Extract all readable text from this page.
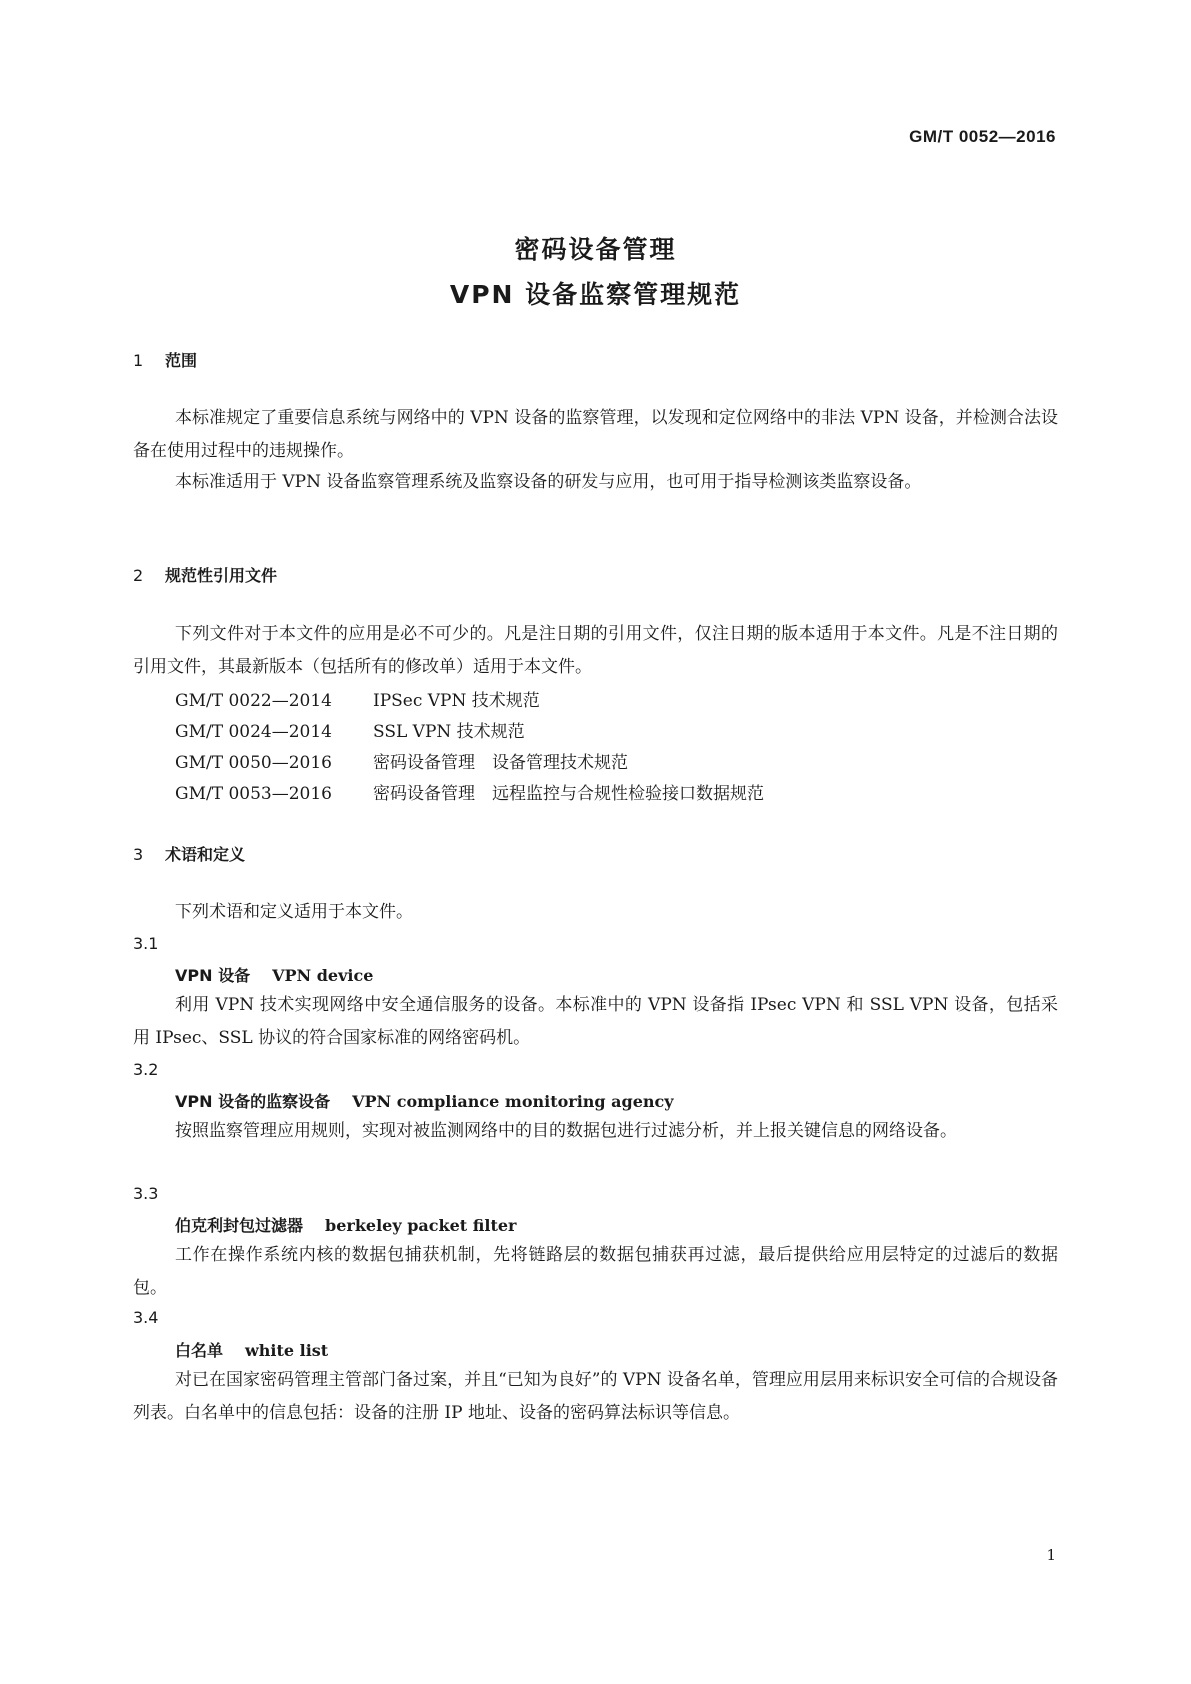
GM/T 0052—2016
密码设备管理
VPN 设备监察管理规范
1 范围
本标准规定了重要信息系统与网络中的 VPN 设备的监察管理，以发现和定位网络中的非法 VPN 设备，并检测合法设备在使用过程中的违规操作。
本标准适用于 VPN 设备监察管理系统及监察设备的研发与应用，也可用于指导检测该类监察设备。
2 规范性引用文件
下列文件对于本文件的应用是必不可少的。凡是注日期的引用文件，仅注日期的版本适用于本文件。凡是不注日期的引用文件，其最新版本（包括所有的修改单）适用于本文件。
GM/T 0022—2014 IPSec VPN 技术规范
GM/T 0024—2014 SSL VPN 技术规范
GM/T 0050—2016 密码设备管理　设备管理技术规范
GM/T 0053—2016 密码设备管理　远程监控与合规性检验接口数据规范
3 术语和定义
下列术语和定义适用于本文件。
3.1
VPN 设备 VPN device
利用 VPN 技术实现网络中安全通信服务的设备。本标准中的 VPN 设备指 IPsec VPN 和 SSL VPN 设备，包括采用 IPsec、SSL 协议的符合国家标准的网络密码机。
3.2
VPN 设备的监察设备 VPN compliance monitoring agency
按照监察管理应用规则，实现对被监测网络中的目的数据包进行过滤分析，并上报关键信息的网络设备。
3.3
伯克利封包过滤器 berkeley packet filter
工作在操作系统内核的数据包捕获机制，先将链路层的数据包捕获再过滤，最后提供给应用层特定的过滤后的数据包。
3.4
白名单 white list
对已在国家密码管理主管部门备过案，并且“已知为良好”的 VPN 设备名单，管理应用层用来标识安全可信的合规设备列表。白名单中的信息包括：设备的注册 IP 地址、设备的密码算法标识等信息。
1
